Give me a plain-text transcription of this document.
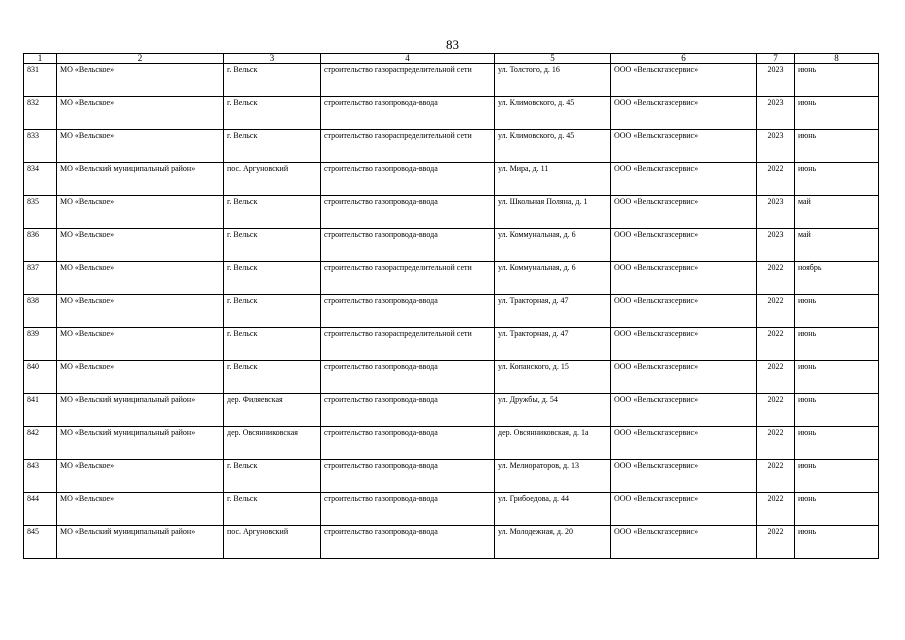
83
1	2	3	4	5	6	7	8
831	МО «Вельское»	г. Вельск	строительство газораспределительной сети	ул. Толстого, д. 16	ООО «Вельскгазсервис»	2023	июнь
832	МО «Вельское»	г. Вельск	строительство газопровода-ввода	ул. Климовского, д. 45	ООО «Вельскгазсервис»	2023	июнь
833	МО «Вельское»	г. Вельск	строительство газораспределительной сети	ул. Климовского, д. 45	ООО «Вельскгазсервис»	2023	июнь
834	МО «Вельский муниципальный район»	пос. Аргуновский	строительство газопровода-ввода	ул. Мира, д. 11	ООО «Вельскгазсервис»	2022	июнь
835	МО «Вельское»	г. Вельск	строительство газопровода-ввода	ул. Школьная Поляна, д. 1	ООО «Вельскгазсервис»	2023	май
836	МО «Вельское»	г. Вельск	строительство газопровода-ввода	ул. Коммунальная, д. 6	ООО «Вельскгазсервис»	2023	май
837	МО «Вельское»	г. Вельск	строительство газораспределительной сети	ул. Коммунальная, д. 6	ООО «Вельскгазсервис»	2022	ноябрь
838	МО «Вельское»	г. Вельск	строительство газопровода-ввода	ул. Тракторная, д. 47	ООО «Вельскгазсервис»	2022	июнь
839	МО «Вельское»	г. Вельск	строительство газораспределительной сети	ул. Тракторная, д. 47	ООО «Вельскгазсервис»	2022	июнь
840	МО «Вельское»	г. Вельск	строительство газопровода-ввода	ул. Копанского, д. 15	ООО «Вельскгазсервис»	2022	июнь
841	МО «Вельский муниципальный район»	дер. Филяевская	строительство газопровода-ввода	ул. Дружбы, д. 54	ООО «Вельскгазсервис»	2022	июнь
842	МО «Вельский муниципальный район»	дер. Овсянниковская	строительство газопровода-ввода	дер. Овсянниковская, д. 1а	ООО «Вельскгазсервис»	2022	июнь
843	МО «Вельское»	г. Вельск	строительство газопровода-ввода	ул. Мелиораторов, д. 13	ООО «Вельскгазсервис»	2022	июнь
844	МО «Вельское»	г. Вельск	строительство газопровода-ввода	ул. Грибоедова, д. 44	ООО «Вельскгазсервис»	2022	июнь
845	МО «Вельский муниципальный район»	пос. Аргуновский	строительство газопровода-ввода	ул. Молодежная, д. 20	ООО «Вельскгазсервис»	2022	июнь
